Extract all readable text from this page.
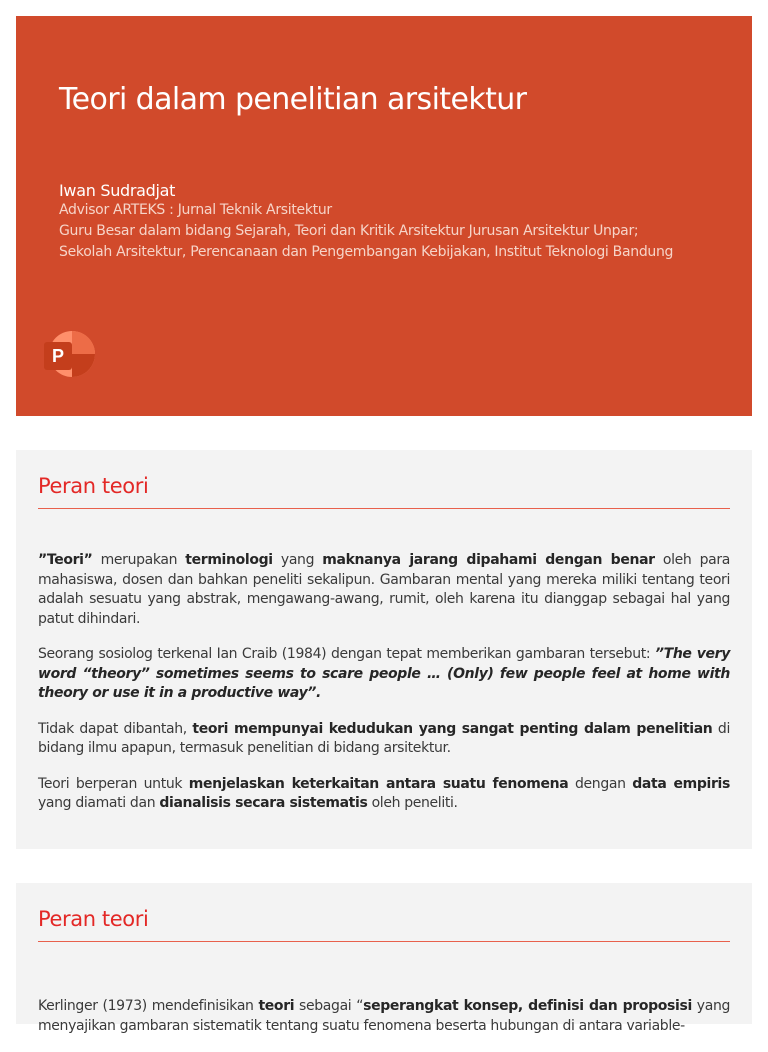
Teori dalam penelitian arsitektur
Iwan Sudradjat
Advisor ARTEKS : Jurnal Teknik Arsitektur
Guru Besar dalam bidang Sejarah, Teori dan Kritik Arsitektur Jurusan Arsitektur Unpar;
Sekolah Arsitektur, Perencanaan dan Pengembangan Kebijakan, Institut Teknologi Bandung
P
Peran teori

”Teori” merupakan terminologi yang maknanya jarang dipahami dengan benar oleh para mahasiswa, dosen dan bahkan peneliti sekalipun. Gambaran mental yang mereka miliki tentang teori adalah sesuatu yang abstrak, mengawang-awang, rumit, oleh karena itu dianggap sebagai hal yang patut dihindari.

Seorang sosiolog terkenal Ian Craib (1984) dengan tepat memberikan gambaran tersebut: ”The very word “theory” sometimes seems to scare people … (Only) few people feel at home with theory or use it in a productive way”.

Tidak dapat dibantah, teori mempunyai kedudukan yang sangat penting dalam penelitian di bidang ilmu apapun, termasuk penelitian di bidang arsitektur.

Teori berperan untuk menjelaskan keterkaitan antara suatu fenomena dengan data empiris yang diamati dan dianalisis secara sistematis oleh peneliti.

Peran teori

Kerlinger (1973) mendefinisikan teori sebagai “seperangkat konsep, definisi dan proposisi yang menyajikan gambaran sistematik tentang suatu fenomena beserta hubungan di antara variable-
